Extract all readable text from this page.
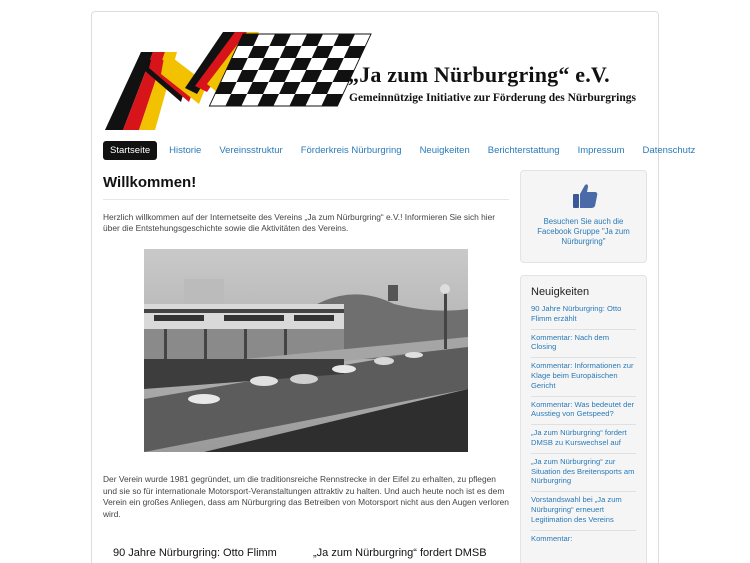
„Ja zum Nürburgring“ e.V.
Gemeinnützige Initiative zur Förderung des Nürburgrings
Startseite	Historie Vereinsstruktur Förderkreis Nürburgring Neuigkeiten Berichterstattung Impressum Datenschutz
Willkommen!

Herzlich willkommen auf der Internetseite des Vereins „Ja zum Nürburgring“ e.V.! Informieren Sie sich hier über die Entstehungsgeschichte sowie die Aktivitäten des Vereins.

Der Verein wurde 1981 gegründet, um die traditionsreiche Rennstrecke in der Eifel zu erhalten, zu pflegen und sie so für internationale Motorsport-Veranstaltungen attraktiv zu halten. Und auch heute noch ist es dem Verein ein großes Anliegen, dass am Nürburgring das Betreiben von Motorsport nicht aus den Augen verloren wird.

90 Jahre Nürburgring: Otto Flimm	„Ja zum Nürburgring“ fordert DMSB
Besuchen Sie auch die Facebook Gruppe "Ja zum Nürburgring"
Neuigkeiten
90 Jahre Nürburgring: Otto Flimm erzählt
Kommentar: Nach dem Closing
Kommentar: Informationen zur Klage beim Europäischen Gericht
Kommentar: Was bedeutet der Ausstieg von Getspeed?
„Ja zum Nürburgring“ fordert DMSB zu Kurswechsel auf
„Ja zum Nürburgring“ zur Situation des Breitensports am Nürburgring
Vorstandswahl bei „Ja zum Nürburgring“ erneuert Legitimation des Vereins
Kommentar:
